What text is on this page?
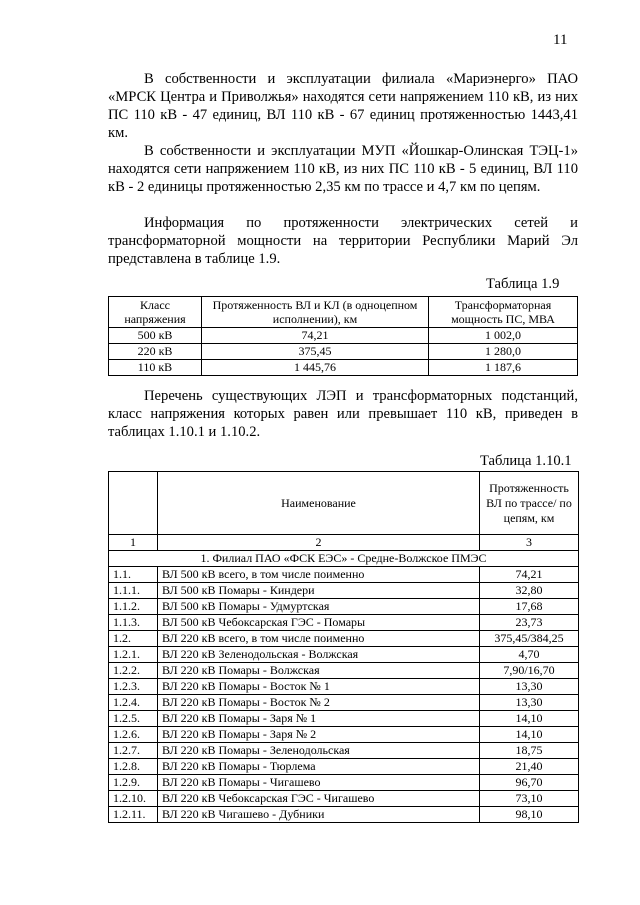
11

В собственности и эксплуатации филиала «Мариэнерго» ПАО «МРСК Центра и Приволжья» находятся сети напряжением 110 кВ, из них ПС 110 кВ - 47 единиц, ВЛ 110 кВ - 67 единиц протяженностью 1443,41 км.

В собственности и эксплуатации МУП «Йошкар-Олинская ТЭЦ-1» находятся сети напряжением 110 кВ, из них ПС 110 кВ - 5 единиц, ВЛ 110 кВ - 2 единицы протяженностью 2,35 км по трассе и 4,7 км по цепям.

Информация по протяженности электрических сетей и трансформаторной мощности на территории Республики Марий Эл представлена в таблице 1.9.

Таблица 1.9
Класс напряжения	Протяженность ВЛ и КЛ (в одноцепном исполнении), км	Трансформаторная мощность ПС, МВА
500 кВ	74,21	1 002,0
220 кВ	375,45	1 280,0
110 кВ	1 445,76	1 187,6

Перечень существующих ЛЭП и трансформаторных подстанций, класс напряжения которых равен или превышает 110 кВ, приведен в таблицах 1.10.1 и 1.10.2.

Таблица 1.10.1
	Наименование	Протяженность ВЛ по трассе/ по цепям, км
1	2	3
1. Филиал ПАО «ФСК ЕЭС» - Средне-Волжское ПМЭС		
1.1.	ВЛ 500 кВ всего, в том числе поименно	74,21
1.1.1.	ВЛ 500 кВ Помары - Киндери	32,80
1.1.2.	ВЛ 500 кВ Помары - Удмуртская	17,68
1.1.3.	ВЛ 500 кВ Чебоксарская ГЭС - Помары	23,73
1.2.	ВЛ 220 кВ всего, в том числе поименно	375,45/384,25
1.2.1.	ВЛ 220 кВ Зеленодольская - Волжская	4,70
1.2.2.	ВЛ 220 кВ Помары - Волжская	7,90/16,70
1.2.3.	ВЛ 220 кВ Помары - Восток № 1	13,30
1.2.4.	ВЛ 220 кВ Помары - Восток № 2	13,30
1.2.5.	ВЛ 220 кВ Помары - Заря № 1	14,10
1.2.6.	ВЛ 220 кВ Помары - Заря № 2	14,10
1.2.7.	ВЛ 220 кВ Помары - Зеленодольская	18,75
1.2.8.	ВЛ 220 кВ Помары - Тюрлема	21,40
1.2.9.	ВЛ 220 кВ Помары - Чигашево	96,70
1.2.10.	ВЛ 220 кВ Чебоксарская ГЭС - Чигашево	73,10
1.2.11.	ВЛ 220 кВ Чигашево - Дубники	98,10
